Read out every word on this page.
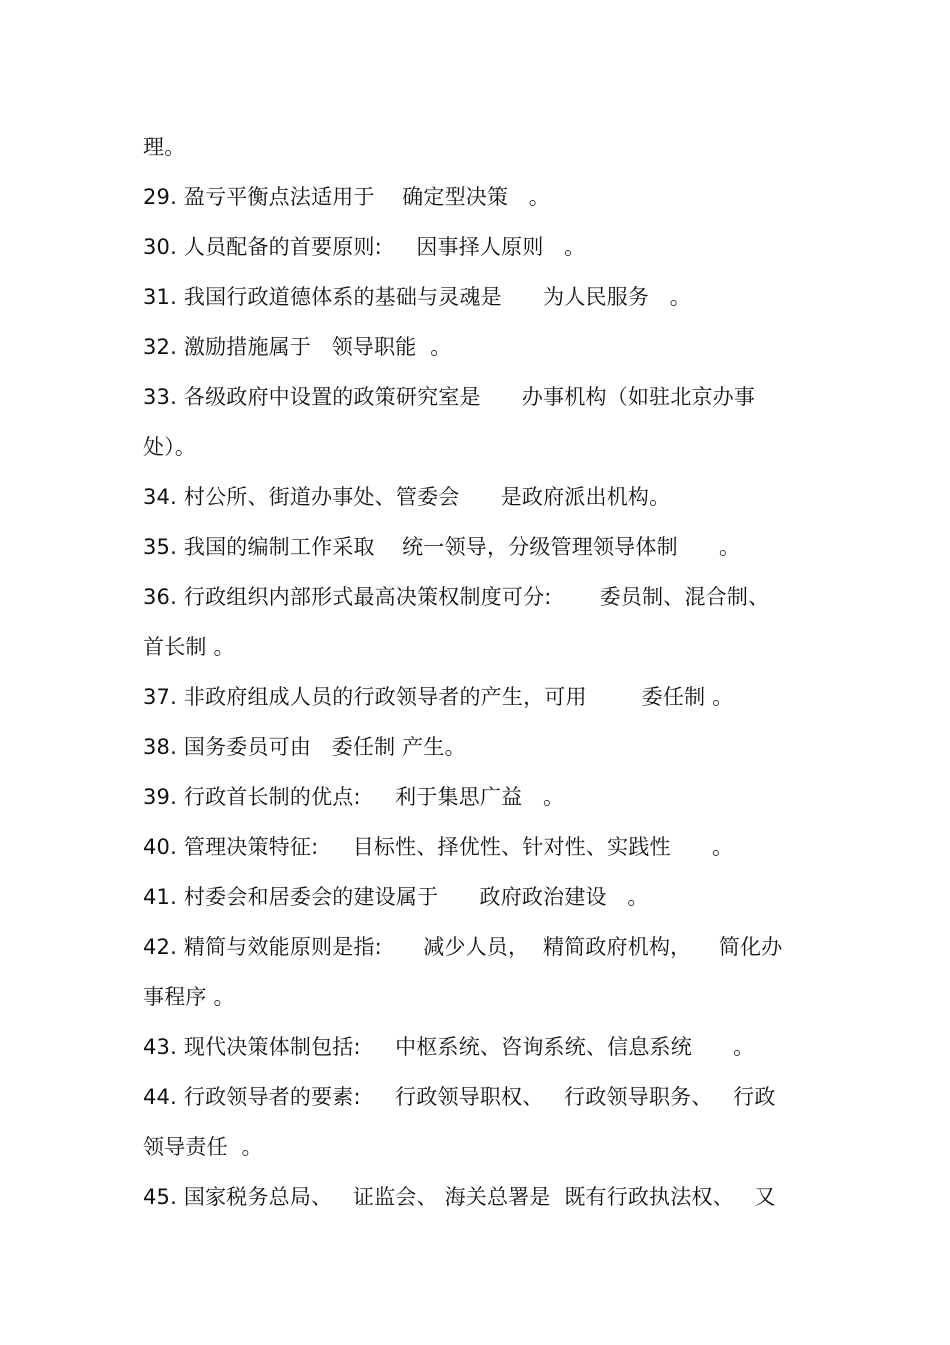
理。
29. 盈亏平衡点法适用于    确定型决策   。
30. 人员配备的首要原则:     因事择人原则   。
31. 我国行政道德体系的基础与灵魂是      为人民服务   。
32. 激励措施属于   领导职能  。
33. 各级政府中设置的政策研究室是      办事机构（如驻北京办事
处）。
34. 村公所、街道办事处、管委会      是政府派出机构。
35. 我国的编制工作采取    统一领导，分级管理领导体制      。
36. 行政组织内部形式最高决策权制度可分:       委员制、混合制、
首长制 。
37. 非政府组成人员的行政领导者的产生，可用        委任制 。
38. 国务委员可由   委任制 产生。
39. 行政首长制的优点:     利于集思广益   。
40. 管理决策特征:     目标性、择优性、针对性、实践性      。
41. 村委会和居委会的建设属于      政府政治建设   。
42. 精简与效能原则是指:      减少人员，  精简政府机构，    简化办
事程序 。
43. 现代决策体制包括:     中枢系统、咨询系统、信息系统      。
44. 行政领导者的要素:     行政领导职权、   行政领导职务、   行政
领导责任  。
45. 国家税务总局、   证监会、 海关总署是  既有行政执法权、   又
